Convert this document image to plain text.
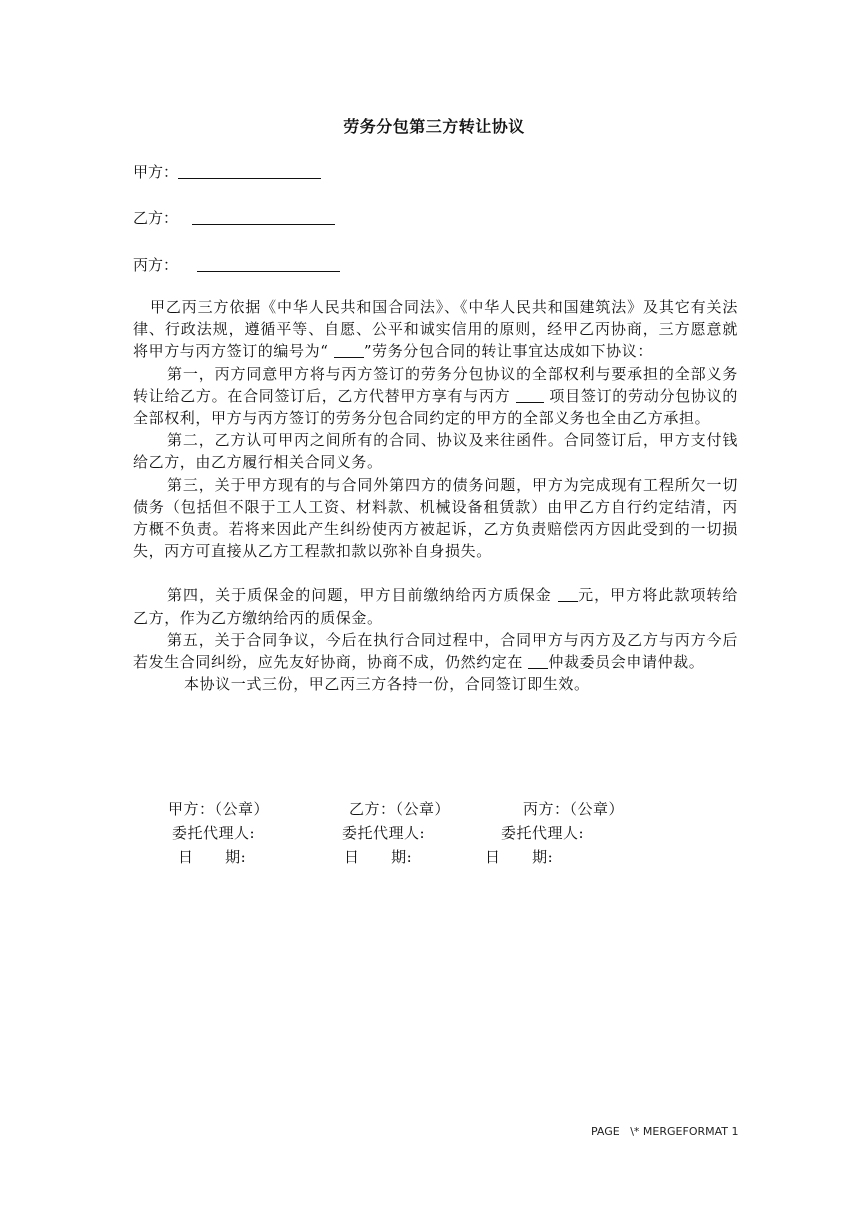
劳务分包第三方转让协议
甲方：
乙方：
丙方：

甲乙丙三方依据《中华人民共和国合同法》、《中华人民共和国建筑法》及其它有关法律、行政法规，遵循平等、自愿、公平和诚实信用的原则，经甲乙丙协商，三方愿意就将甲方与丙方签订的编号为“ ”劳务分包合同的转让事宜达成如下协议：

第一，丙方同意甲方将与丙方签订的劳务分包协议的全部权利与要承担的全部义务转让给乙方。在合同签订后，乙方代替甲方享有与丙方  项目签订的劳动分包协议的全部权利，甲方与丙方签订的劳务分包合同约定的甲方的全部义务也全由乙方承担。

第二，乙方认可甲丙之间所有的合同、协议及来往函件。合同签订后，甲方支付钱给乙方，由乙方履行相关合同义务。

第三，关于甲方现有的与合同外第四方的债务问题，甲方为完成现有工程所欠一切债务（包括但不限于工人工资、材料款、机械设备租赁款）由甲乙方自行约定结清，丙方概不负责。若将来因此产生纠纷使丙方被起诉，乙方负责赔偿丙方因此受到的一切损失，丙方可直接从乙方工程款扣款以弥补自身损失。

第四，关于质保金的问题，甲方目前缴纳给丙方质保金 元，甲方将此款项转给乙方，作为乙方缴纳给丙的质保金。

第五，关于合同争议，今后在执行合同过程中，合同甲方与丙方及乙方与丙方今后若发生合同纠纷，应先友好协商，协商不成，仍然约定在 仲裁委员会申请仲裁。

本协议一式三份，甲乙丙三方各持一份，合同签订即生效。

甲方：（公章）	乙方：（公章）	丙方：（公章）
委托代理人:	委托代理人:	委托代理人:
日      期:	日      期:	日      期:
PAGE   \* MERGEFORMAT 1
